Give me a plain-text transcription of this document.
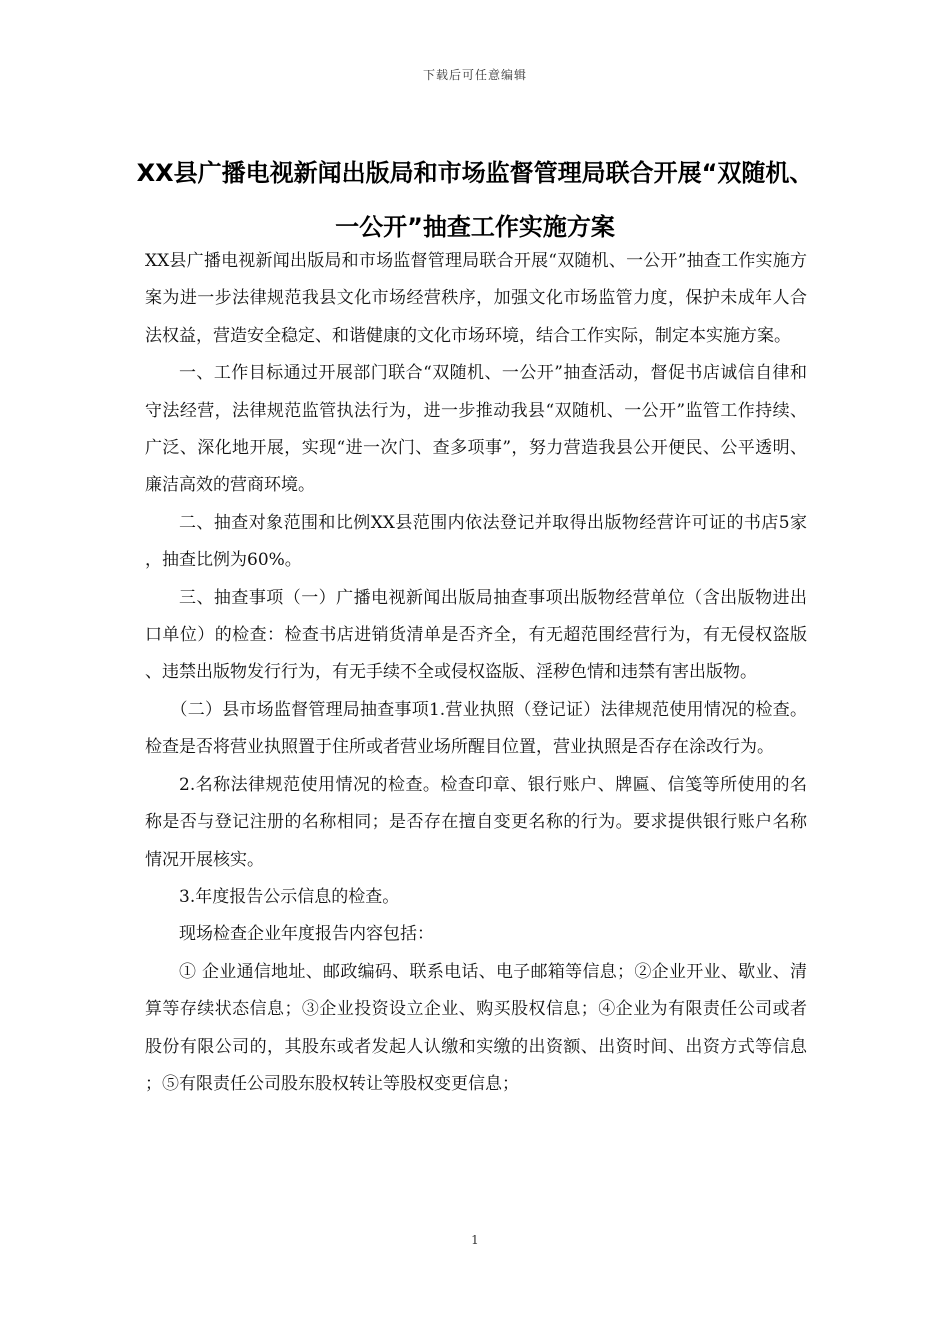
下载后可任意编辑
XX县广播电视新闻出版局和市场监督管理局联合开展“双随机、一公开”抽查工作实施方案

XX县广播电视新闻出版局和市场监督管理局联合开展“双随机、一公开”抽查工作实施方案为进一步法律规范我县文化市场经营秩序，加强文化市场监管力度，保护未成年人合法权益，营造安全稳定、和谐健康的文化市场环境，结合工作实际，制定本实施方案。

一、工作目标通过开展部门联合“双随机、一公开”抽查活动，督促书店诚信自律和守法经营，法律规范监管执法行为，进一步推动我县“双随机、一公开”监管工作持续、广泛、深化地开展，实现“进一次门、查多项事”，努力营造我县公开便民、公平透明、廉洁高效的营商环境。

二、抽查对象范围和比例XX县范围内依法登记并取得出版物经营许可证的书店5家，抽查比例为60%。

三、抽查事项（一）广播电视新闻出版局抽查事项出版物经营单位（含出版物进出口单位）的检查：检查书店进销货清单是否齐全，有无超范围经营行为，有无侵权盗版、违禁出版物发行行为，有无手续不全或侵权盗版、淫秽色情和违禁有害出版物。

（二）县市场监督管理局抽查事项1.营业执照（登记证）法律规范使用情况的检查。检查是否将营业执照置于住所或者营业场所醒目位置，营业执照是否存在涂改行为。

2.名称法律规范使用情况的检查。检查印章、银行账户、牌匾、信笺等所使用的名称是否与登记注册的名称相同；是否存在擅自变更名称的行为。要求提供银行账户名称情况开展核实。

3.年度报告公示信息的检查。

现场检查企业年度报告内容包括：

① 企业通信地址、邮政编码、联系电话、电子邮箱等信息；②企业开业、歇业、清算等存续状态信息；③企业投资设立企业、购买股权信息；④企业为有限责任公司或者股份有限公司的，其股东或者发起人认缴和实缴的出资额、出资时间、出资方式等信息；⑤有限责任公司股东股权转让等股权变更信息；

1
